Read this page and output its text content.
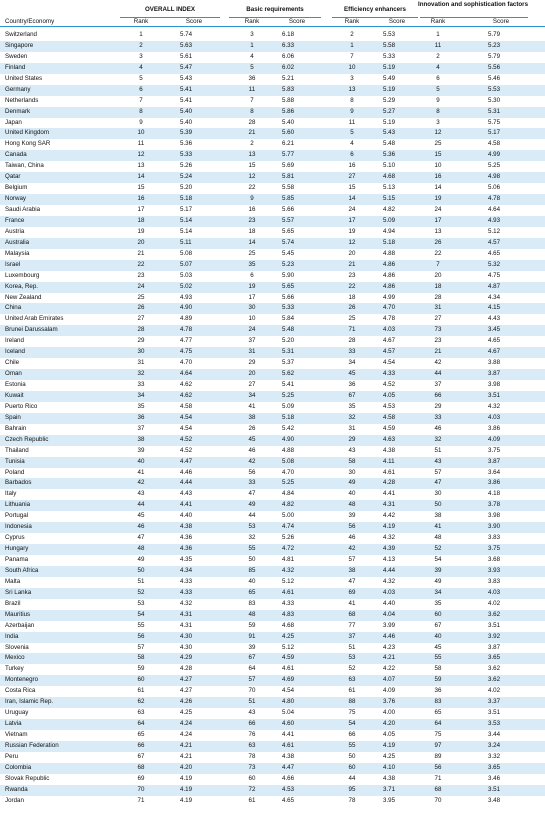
OVERALL INDEX
Rank	Score
Basic requirements
Rank	Score
Efficiency enhancers
Rank	Score
Innovation and sophistication factors
Rank	Score
Country/Economy
Switzerland	1	5.74	3	6.18	2	5.53	1	5.79
Singapore	2	5.63	1	6.33	1	5.58	11	5.23
Sweden	3	5.61	4	6.06	7	5.33	2	5.79
Finland	4	5.47	5	6.02	10	5.19	4	5.56
United States	5	5.43	36	5.21	3	5.49	6	5.46
Germany	6	5.41	11	5.83	13	5.19	5	5.53
Netherlands	7	5.41	7	5.88	8	5.29	9	5.30
Denmark	8	5.40	8	5.86	9	5.27	8	5.31
Japan	9	5.40	28	5.40	11	5.19	3	5.75
United Kingdom	10	5.39	21	5.60	5	5.43	12	5.17
Hong Kong SAR	11	5.36	2	6.21	4	5.48	25	4.58
Canada	12	5.33	13	5.77	6	5.36	15	4.99
Taiwan, China	13	5.26	15	5.69	16	5.10	10	5.25
Qatar	14	5.24	12	5.81	27	4.68	16	4.98
Belgium	15	5.20	22	5.58	15	5.13	14	5.06
Norway	16	5.18	9	5.85	14	5.15	19	4.78
Saudi Arabia	17	5.17	16	5.66	24	4.82	24	4.64
France	18	5.14	23	5.57	17	5.09	17	4.93
Austria	19	5.14	18	5.65	19	4.94	13	5.12
Australia	20	5.11	14	5.74	12	5.18	26	4.57
Malaysia	21	5.08	25	5.45	20	4.88	22	4.65
Israel	22	5.07	35	5.23	21	4.86	7	5.32
Luxembourg	23	5.03	6	5.90	23	4.86	20	4.75
Korea, Rep.	24	5.02	19	5.65	22	4.86	18	4.87
New Zealand	25	4.93	17	5.66	18	4.99	28	4.34
China	26	4.90	30	5.33	26	4.70	31	4.15
United Arab Emirates	27	4.89	10	5.84	25	4.78	27	4.43
Brunei Darussalam	28	4.78	24	5.48	71	4.03	73	3.45
Ireland	29	4.77	37	5.20	28	4.67	23	4.65
Iceland	30	4.75	31	5.31	33	4.57	21	4.67
Chile	31	4.70	29	5.37	34	4.54	42	3.88
Oman	32	4.64	20	5.62	45	4.33	44	3.87
Estonia	33	4.62	27	5.41	36	4.52	37	3.98
Kuwait	34	4.62	34	5.25	67	4.05	66	3.51
Puerto Rico	35	4.58	41	5.09	35	4.53	29	4.32
Spain	36	4.54	38	5.18	32	4.58	33	4.03
Bahrain	37	4.54	26	5.42	31	4.59	46	3.86
Czech Republic	38	4.52	45	4.90	29	4.63	32	4.09
Thailand	39	4.52	46	4.88	43	4.38	51	3.75
Tunisia	40	4.47	42	5.08	58	4.11	43	3.87
Poland	41	4.46	56	4.70	30	4.61	57	3.64
Barbados	42	4.44	33	5.25	49	4.28	47	3.86
Italy	43	4.43	47	4.84	40	4.41	30	4.18
Lithuania	44	4.41	49	4.82	48	4.31	50	3.78
Portugal	45	4.40	44	5.00	39	4.42	38	3.98
Indonesia	46	4.38	53	4.74	56	4.19	41	3.90
Cyprus	47	4.36	32	5.26	46	4.32	48	3.83
Hungary	48	4.36	55	4.72	42	4.39	52	3.75
Panama	49	4.35	50	4.81	57	4.13	54	3.68
South Africa	50	4.34	85	4.32	38	4.44	39	3.93
Malta	51	4.33	40	5.12	47	4.32	49	3.83
Sri Lanka	52	4.33	65	4.61	69	4.03	34	4.03
Brazil	53	4.32	83	4.33	41	4.40	35	4.02
Mauritius	54	4.31	48	4.83	68	4.04	60	3.62
Azerbaijan	55	4.31	59	4.68	77	3.99	67	3.51
India	56	4.30	91	4.25	37	4.46	40	3.92
Slovenia	57	4.30	39	5.12	51	4.23	45	3.87
Mexico	58	4.29	67	4.59	53	4.21	55	3.65
Turkey	59	4.28	64	4.61	52	4.22	58	3.62
Montenegro	60	4.27	57	4.69	63	4.07	59	3.62
Costa Rica	61	4.27	70	4.54	61	4.09	36	4.02
Iran, Islamic Rep.	62	4.26	51	4.80	88	3.76	83	3.37
Uruguay	63	4.25	43	5.04	75	4.00	65	3.51
Latvia	64	4.24	66	4.60	54	4.20	64	3.53
Vietnam	65	4.24	76	4.41	66	4.05	75	3.44
Russian Federation	66	4.21	63	4.61	55	4.19	97	3.24
Peru	67	4.21	78	4.38	50	4.25	89	3.32
Colombia	68	4.20	73	4.47	60	4.10	56	3.65
Slovak Republic	69	4.19	60	4.66	44	4.38	71	3.46
Rwanda	70	4.19	72	4.53	95	3.71	68	3.51
Jordan	71	4.19	61	4.65	78	3.95	70	3.48
